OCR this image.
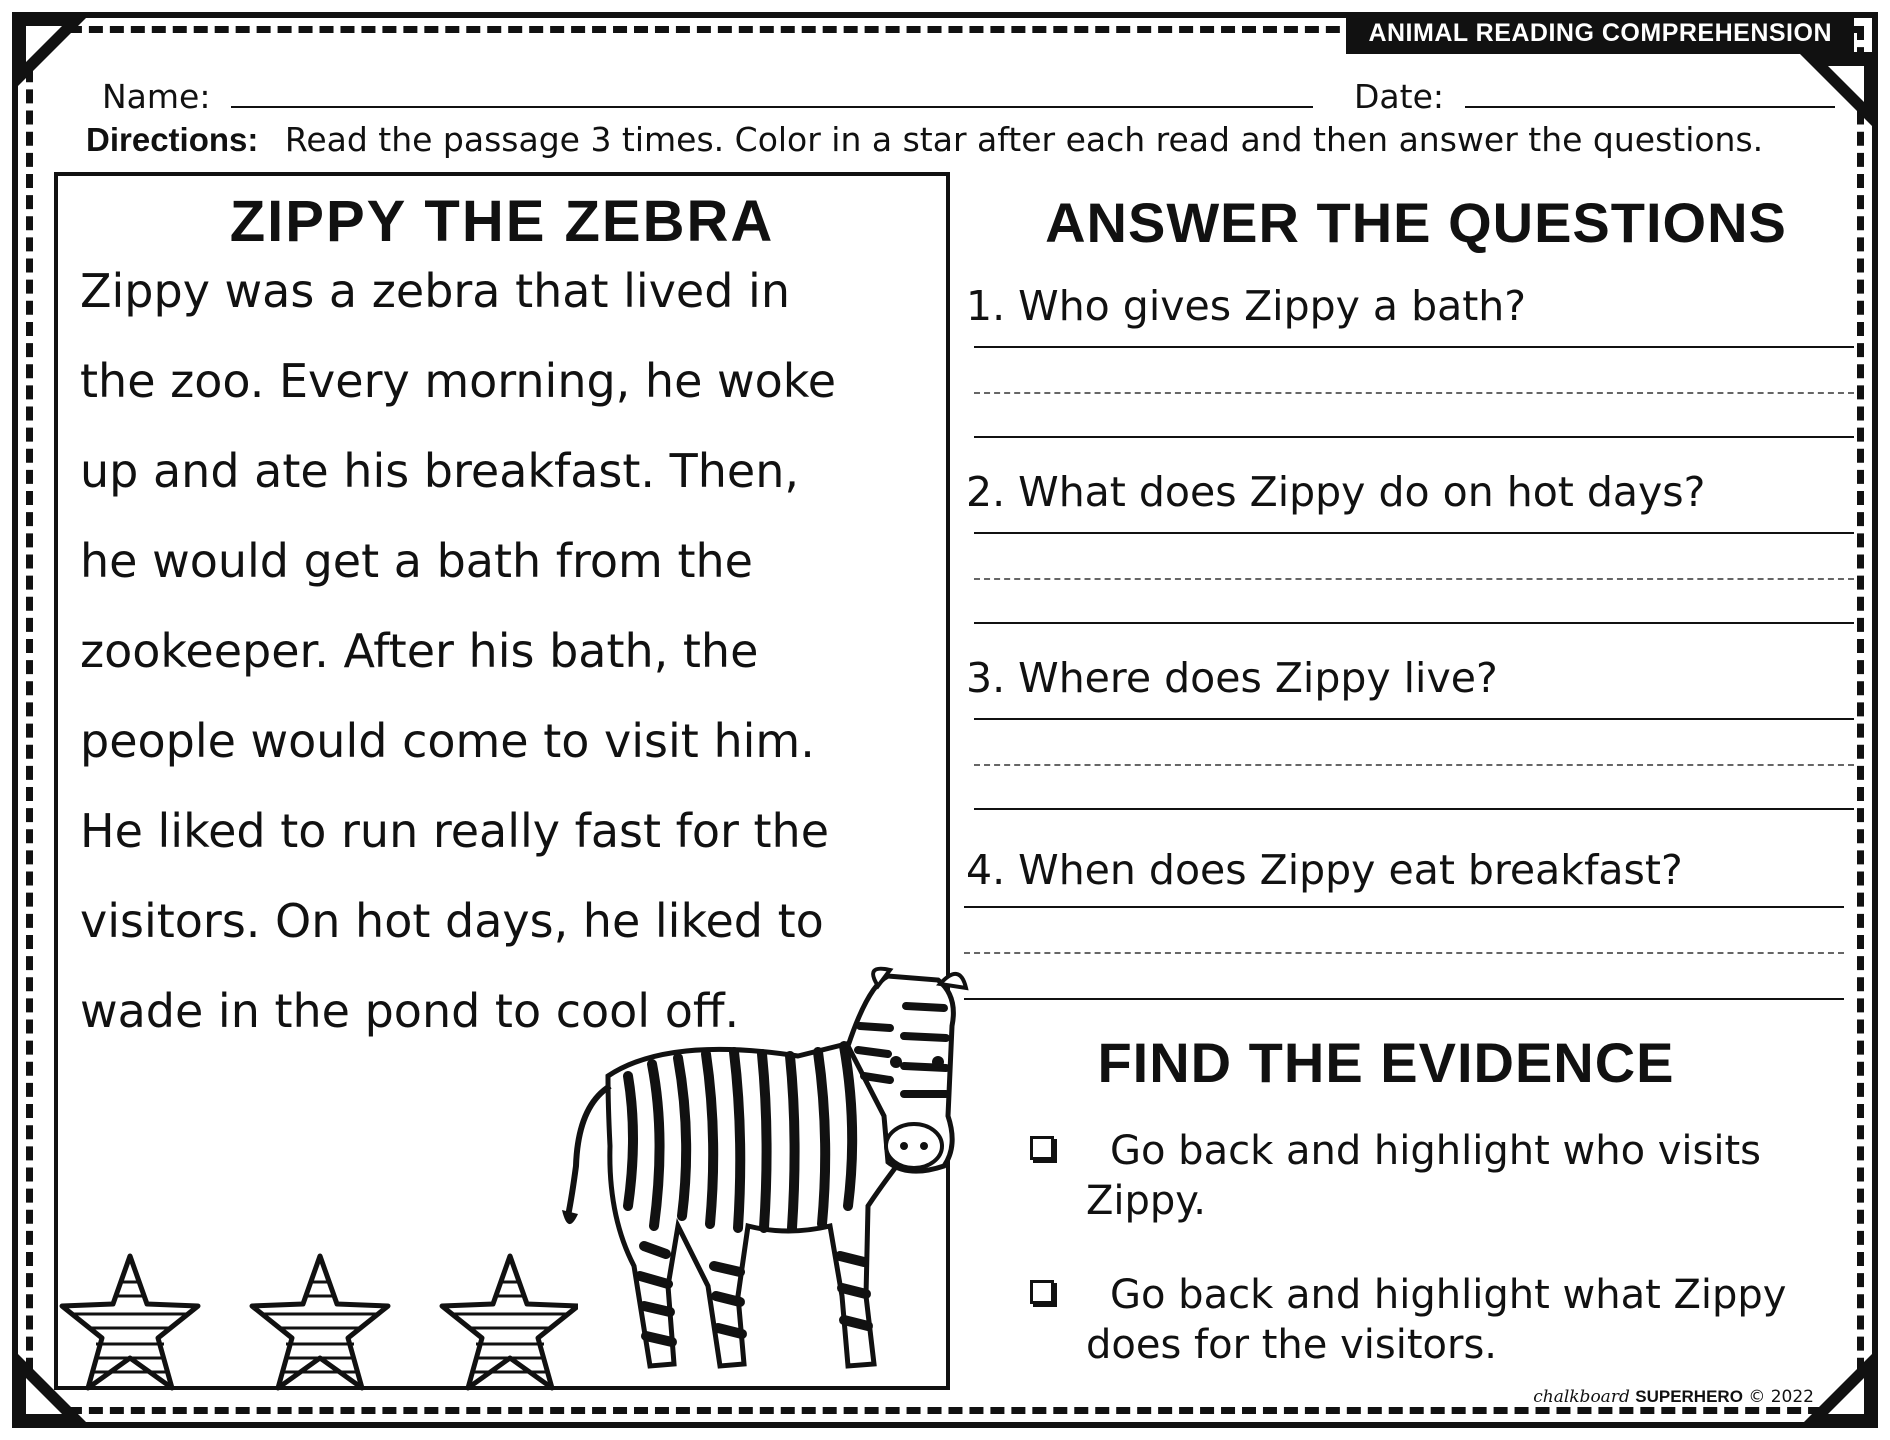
ANIMAL READING COMPREHENSION
Name:	Date:
Directions: Read the passage 3 times. Color in a star after each read and then answer the questions.
ZIPPY THE ZEBRA
Zippy was a zebra that lived in
the zoo. Every morning, he woke
up and ate his breakfast. Then,
he would get a bath from the
zookeeper. After his bath, the
people would come to visit him.
He liked to run really fast for the
visitors. On hot days, he liked to
wade in the pond to cool off.
ANSWER THE QUESTIONS
1. Who gives Zippy a bath?
2. What does Zippy do on hot days?
3. Where does Zippy live?
4. When does Zippy eat breakfast?
FIND THE EVIDENCE
Go back and highlight who visits Zippy.
Go back and highlight what Zippy does for the visitors.
chalkboard SUPERHERO © 2022
